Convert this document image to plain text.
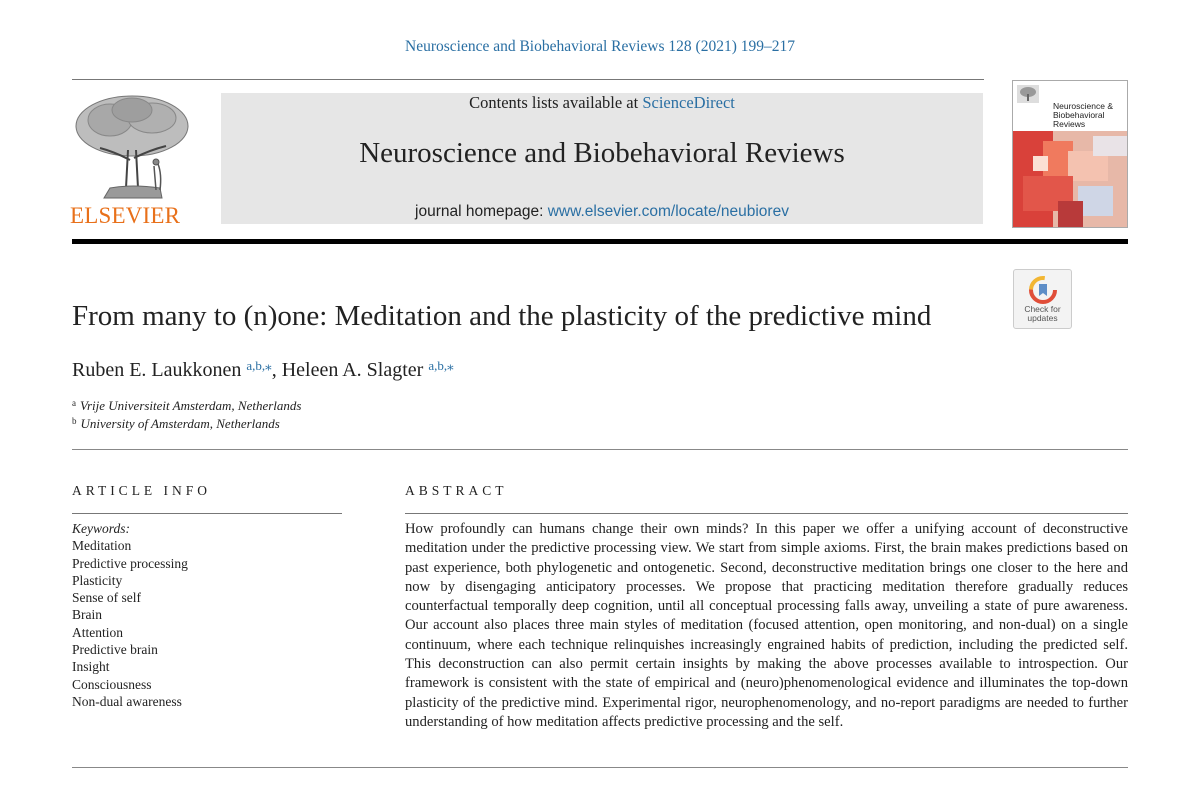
Neuroscience and Biobehavioral Reviews 128 (2021) 199–217
ELSEVIER
Contents lists available at ScienceDirect
Neuroscience and Biobehavioral Reviews
journal homepage: www.elsevier.com/locate/neubiorev
Neuroscience & Biobehavioral Reviews
Check for updates
From many to (n)one: Meditation and the plasticity of the predictive mind
Ruben E. Laukkonen $^{a,b,⁎}$, Heleen A. Slagter $^{a,b,⁎}$
$^a$ Vrije Universiteit Amsterdam, Netherlands
$^b$ University of Amsterdam, Netherlands
ARTICLE INFO
Keywords:
Meditation
Predictive processing
Plasticity
Sense of self
Brain
Attention
Predictive brain
Insight
Consciousness
Non-dual awareness
ABSTRACT

How profoundly can humans change their own minds? In this paper we offer a unifying account of deconstructive meditation under the predictive processing view. We start from simple axioms. First, the brain makes predictions based on past experience, both phylogenetic and ontogenetic. Second, deconstructive meditation brings one closer to the here and now by disengaging anticipatory processes. We propose that practicing meditation therefore gradually reduces counterfactual temporally deep cognition, until all conceptual processing falls away, unveiling a state of pure awareness. Our account also places three main styles of meditation (focused attention, open monitoring, and non-dual) on a single continuum, where each technique relinquishes increasingly engrained habits of prediction, including the predicted self. This deconstruction can also permit certain insights by making the above processes available to introspection. Our framework is consistent with the state of empirical and (neuro)phenomenological evidence and illuminates the top-down plasticity of the predictive mind. Experimental rigor, neurophenomenology, and no-report paradigms are needed to further understanding of how meditation affects predictive processing and the self.
